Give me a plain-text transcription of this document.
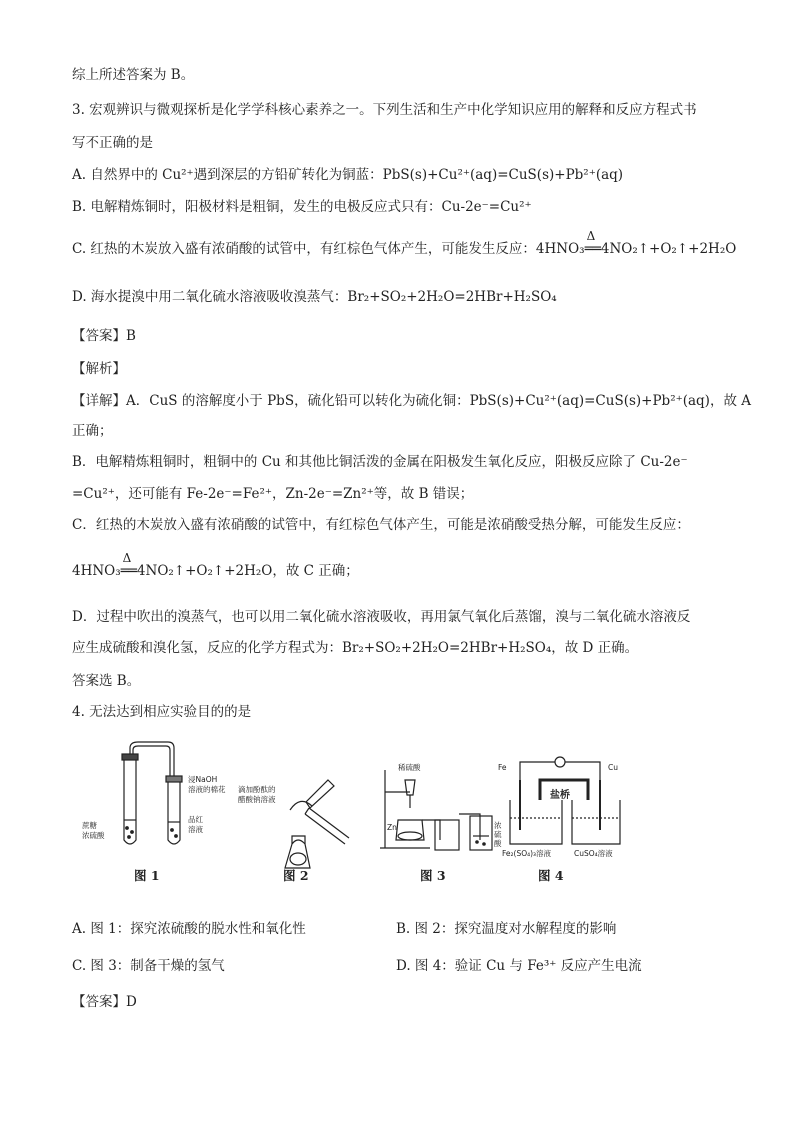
综上所述答案为 B。
3. 宏观辨识与微观探析是化学学科核心素养之一。下列生活和生产中化学知识应用的解释和反应方程式书
写不正确的是
A. 自然界中的 Cu²⁺遇到深层的方铅矿转化为铜蓝：PbS(s)+Cu²⁺(aq)=CuS(s)+Pb²⁺(aq)
B. 电解精炼铜时，阳极材料是粗铜，发生的电极反应式只有：Cu-2e⁻=Cu²⁺
C. 红热的木炭放入盛有浓硝酸的试管中，有红棕色气体产生，可能发生反应：4HNO₃
Δ
══4NO₂↑+O₂↑+2H₂O
D. 海水提溴中用二氧化硫水溶液吸收溴蒸气：Br₂+SO₂+2H₂O=2HBr+H₂SO₄
【答案】B
【解析】
【详解】A．CuS 的溶解度小于 PbS，硫化铅可以转化为硫化铜：PbS(s)+Cu²⁺(aq)=CuS(s)+Pb²⁺(aq)，故 A
正确；
B．电解精炼粗铜时，粗铜中的 Cu 和其他比铜活泼的金属在阳极发生氧化反应，阳极反应除了 Cu-2e⁻
=Cu²⁺，还可能有 Fe-2e⁻=Fe²⁺，Zn-2e⁻=Zn²⁺等，故 B 错误；
C．红热的木炭放入盛有浓硝酸的试管中，有红棕色气体产生，可能是浓硝酸受热分解，可能发生反应：
4HNO₃
Δ
══4NO₂↑+O₂↑+2H₂O，故 C 正确；
D．过程中吹出的溴蒸气，也可以用二氧化硫水溶液吸收，再用氯气氧化后蒸馏，溴与二氧化硫水溶液反
应生成硫酸和溴化氢，反应的化学方程式为：Br₂+SO₂+2H₂O=2HBr+H₂SO₄，故 D 正确。
答案选 B。
4. 无法达到相应实验目的的是
蔗糖
浓硫酸
浸NaOH
溶液的棉花
品红
溶液
滴加酚酞的
醋酸钠溶液
稀硫酸
Zn	浓
硫
酸
Fe	Cu
盐桥
Fe₂(SO₄)₃溶液	CuSO₄溶液
图 1	图 2	图 3	图 4
A. 图 1：探究浓硫酸的脱水性和氧化性	B. 图 2：探究温度对水解程度的影响
C. 图 3：制备干燥的氢气	D. 图 4：验证 Cu 与 Fe³⁺ 反应产生电流
【答案】D
